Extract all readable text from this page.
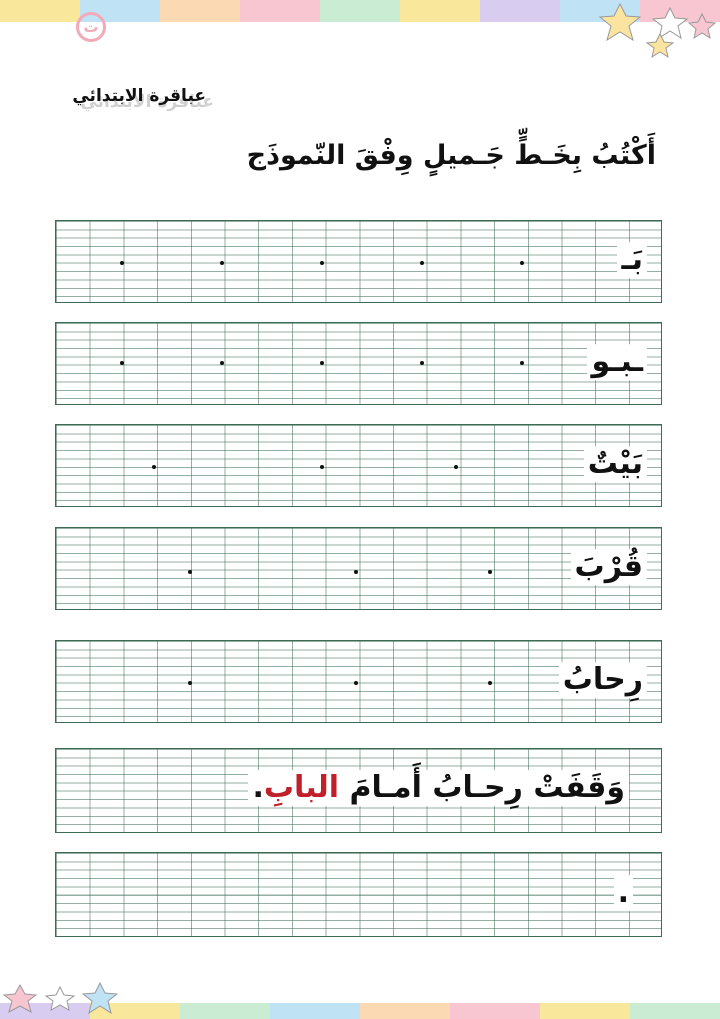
ت
عباقرة الابتدائي
أَكْتُبُ بِخَـطٍّ جَـميلٍ وِفْقَ النّموذَج
بَـ
ـبـو
بَيْتٌ
قُرْبَ
رِحابُ
وَقَفَتْ رِحـابُ أَمـامَ البابِ.
.
